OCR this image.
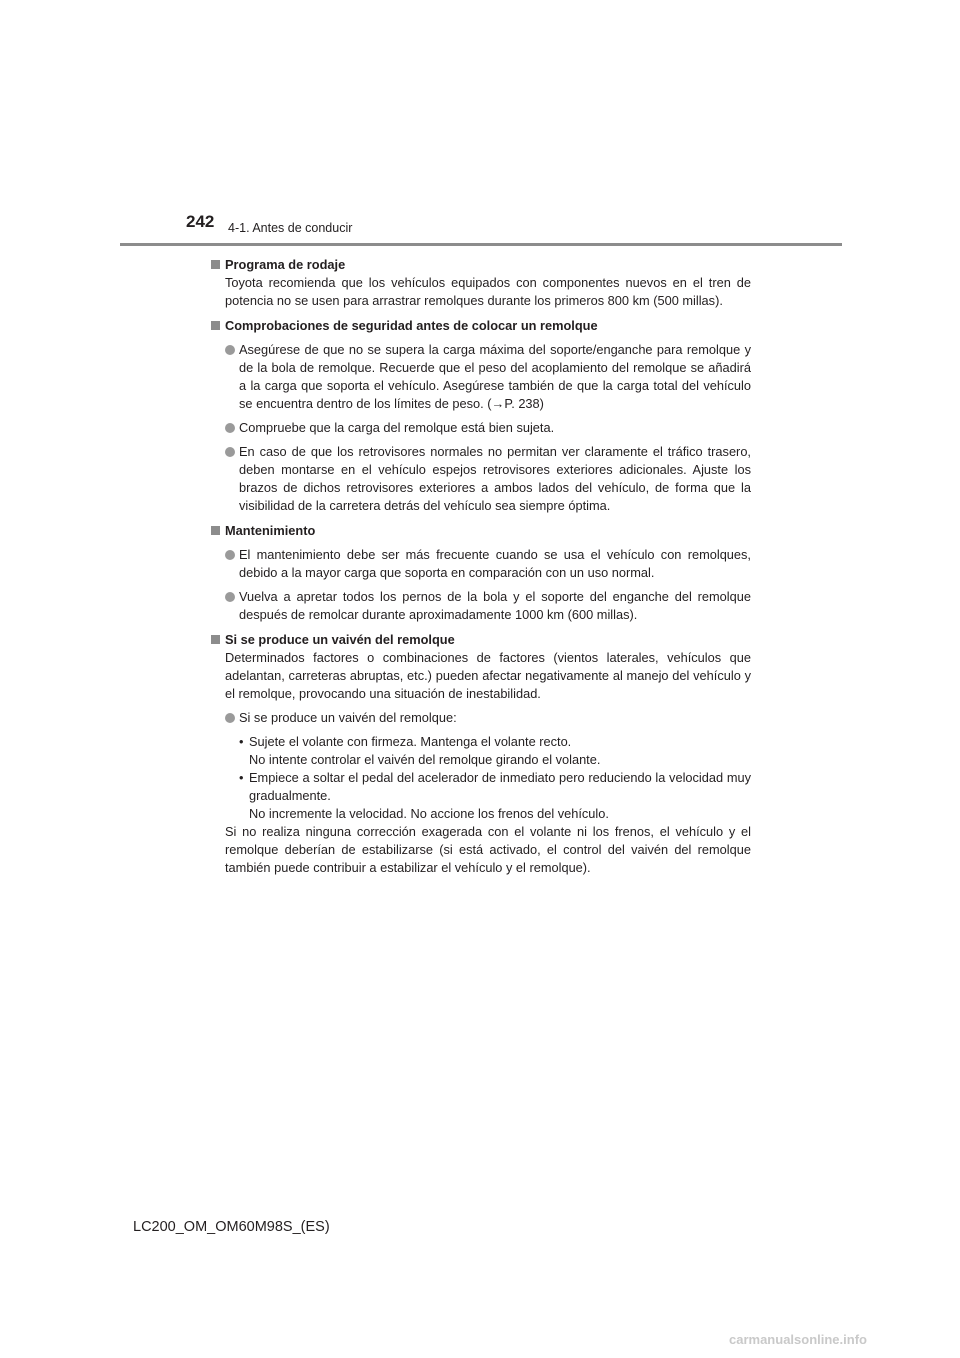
242 4-1. Antes de conducir
Programa de rodaje
Toyota recomienda que los vehículos equipados con componentes nuevos en el tren de potencia no se usen para arrastrar remolques durante los primeros 800 km (500 millas).
Comprobaciones de seguridad antes de colocar un remolque
Asegúrese de que no se supera la carga máxima del soporte/enganche para remolque y de la bola de remolque. Recuerde que el peso del acoplamiento del remolque se añadirá a la carga que soporta el vehículo. Asegúrese también de que la carga total del vehículo se encuentra dentro de los límites de peso. (→P. 238)
Compruebe que la carga del remolque está bien sujeta.
En caso de que los retrovisores normales no permitan ver claramente el tráfico trasero, deben montarse en el vehículo espejos retrovisores exteriores adicionales. Ajuste los brazos de dichos retrovisores exteriores a ambos lados del vehículo, de forma que la visibilidad de la carretera detrás del vehículo sea siempre óptima.
Mantenimiento
El mantenimiento debe ser más frecuente cuando se usa el vehículo con remolques, debido a la mayor carga que soporta en comparación con un uso normal.
Vuelva a apretar todos los pernos de la bola y el soporte del enganche del remolque después de remolcar durante aproximadamente 1000 km (600 millas).
Si se produce un vaivén del remolque
Determinados factores o combinaciones de factores (vientos laterales, vehículos que adelantan, carreteras abruptas, etc.) pueden afectar negativamente al manejo del vehículo y el remolque, provocando una situación de inestabilidad.
Si se produce un vaivén del remolque:
• Sujete el volante con firmeza. Mantenga el volante recto.
No intente controlar el vaivén del remolque girando el volante.
• Empiece a soltar el pedal del acelerador de inmediato pero reduciendo la velocidad muy gradualmente.
No incremente la velocidad. No accione los frenos del vehículo.
Si no realiza ninguna corrección exagerada con el volante ni los frenos, el vehículo y el remolque deberían de estabilizarse (si está activado, el control del vaivén del remolque también puede contribuir a estabilizar el vehículo y el remolque).
LC200_OM_OM60M98S_(ES)
carmanualsonline.info
